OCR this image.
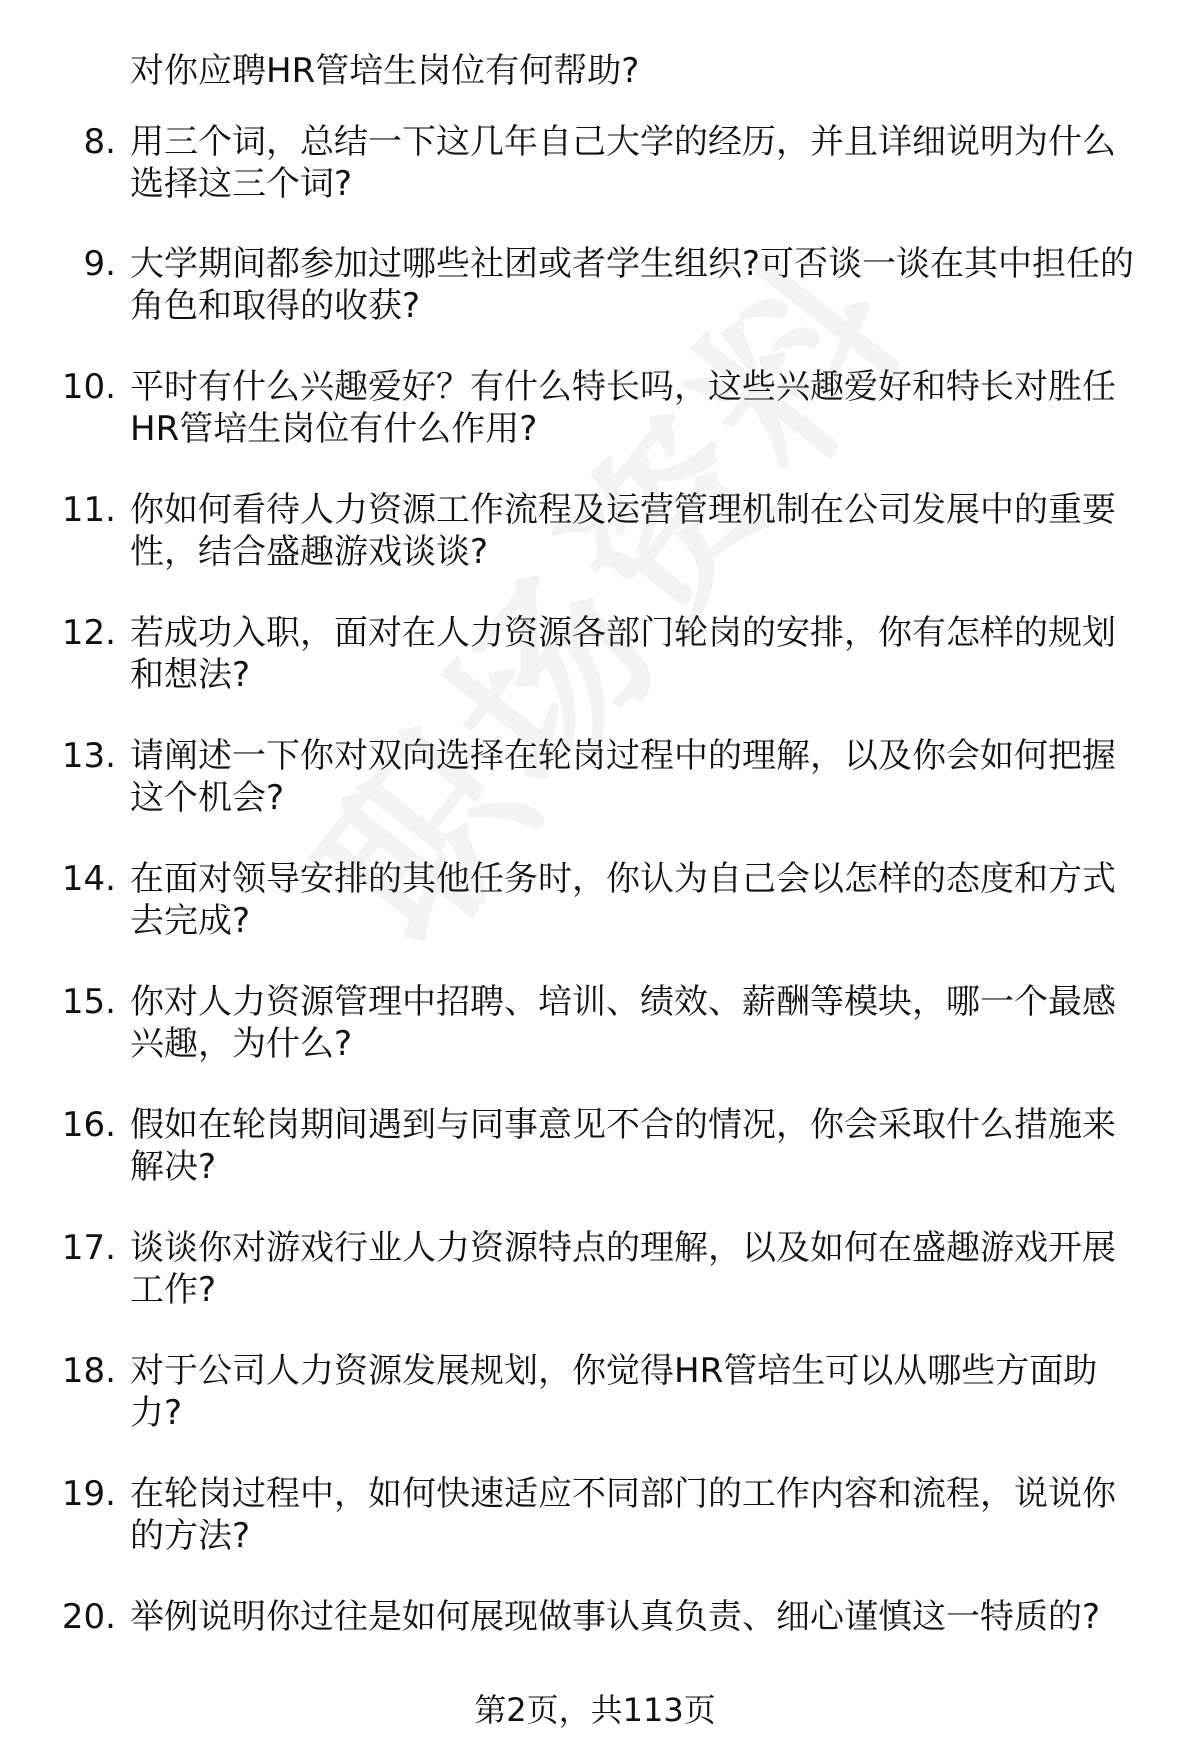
对你应聘HR管培生岗位有何帮助?
8. 用三个词，总结一下这几年自己大学的经历，并且详细说明为什么选择这三个词?
9. 大学期间都参加过哪些社团或者学生组织?可否谈一谈在其中担任的角色和取得的收获?
10. 平时有什么兴趣爱好？有什么特长吗，这些兴趣爱好和特长对胜任HR管培生岗位有什么作用?
11. 你如何看待人力资源工作流程及运营管理机制在公司发展中的重要性，结合盛趣游戏谈谈?
12. 若成功入职，面对在人力资源各部门轮岗的安排，你有怎样的规划和想法?
13. 请阐述一下你对双向选择在轮岗过程中的理解，以及你会如何把握这个机会?
14. 在面对领导安排的其他任务时，你认为自己会以怎样的态度和方式去完成?
15. 你对人力资源管理中招聘、培训、绩效、薪酬等模块，哪一个最感兴趣，为什么?
16. 假如在轮岗期间遇到与同事意见不合的情况，你会采取什么措施来解决?
17. 谈谈你对游戏行业人力资源特点的理解，以及如何在盛趣游戏开展工作?
18. 对于公司人力资源发展规划，你觉得HR管培生可以从哪些方面助力?
19. 在轮岗过程中，如何快速适应不同部门的工作内容和流程，说说你的方法?
20. 举例说明你过往是如何展现做事认真负责、细心谨慎这一特质的?
第2页，共113页
